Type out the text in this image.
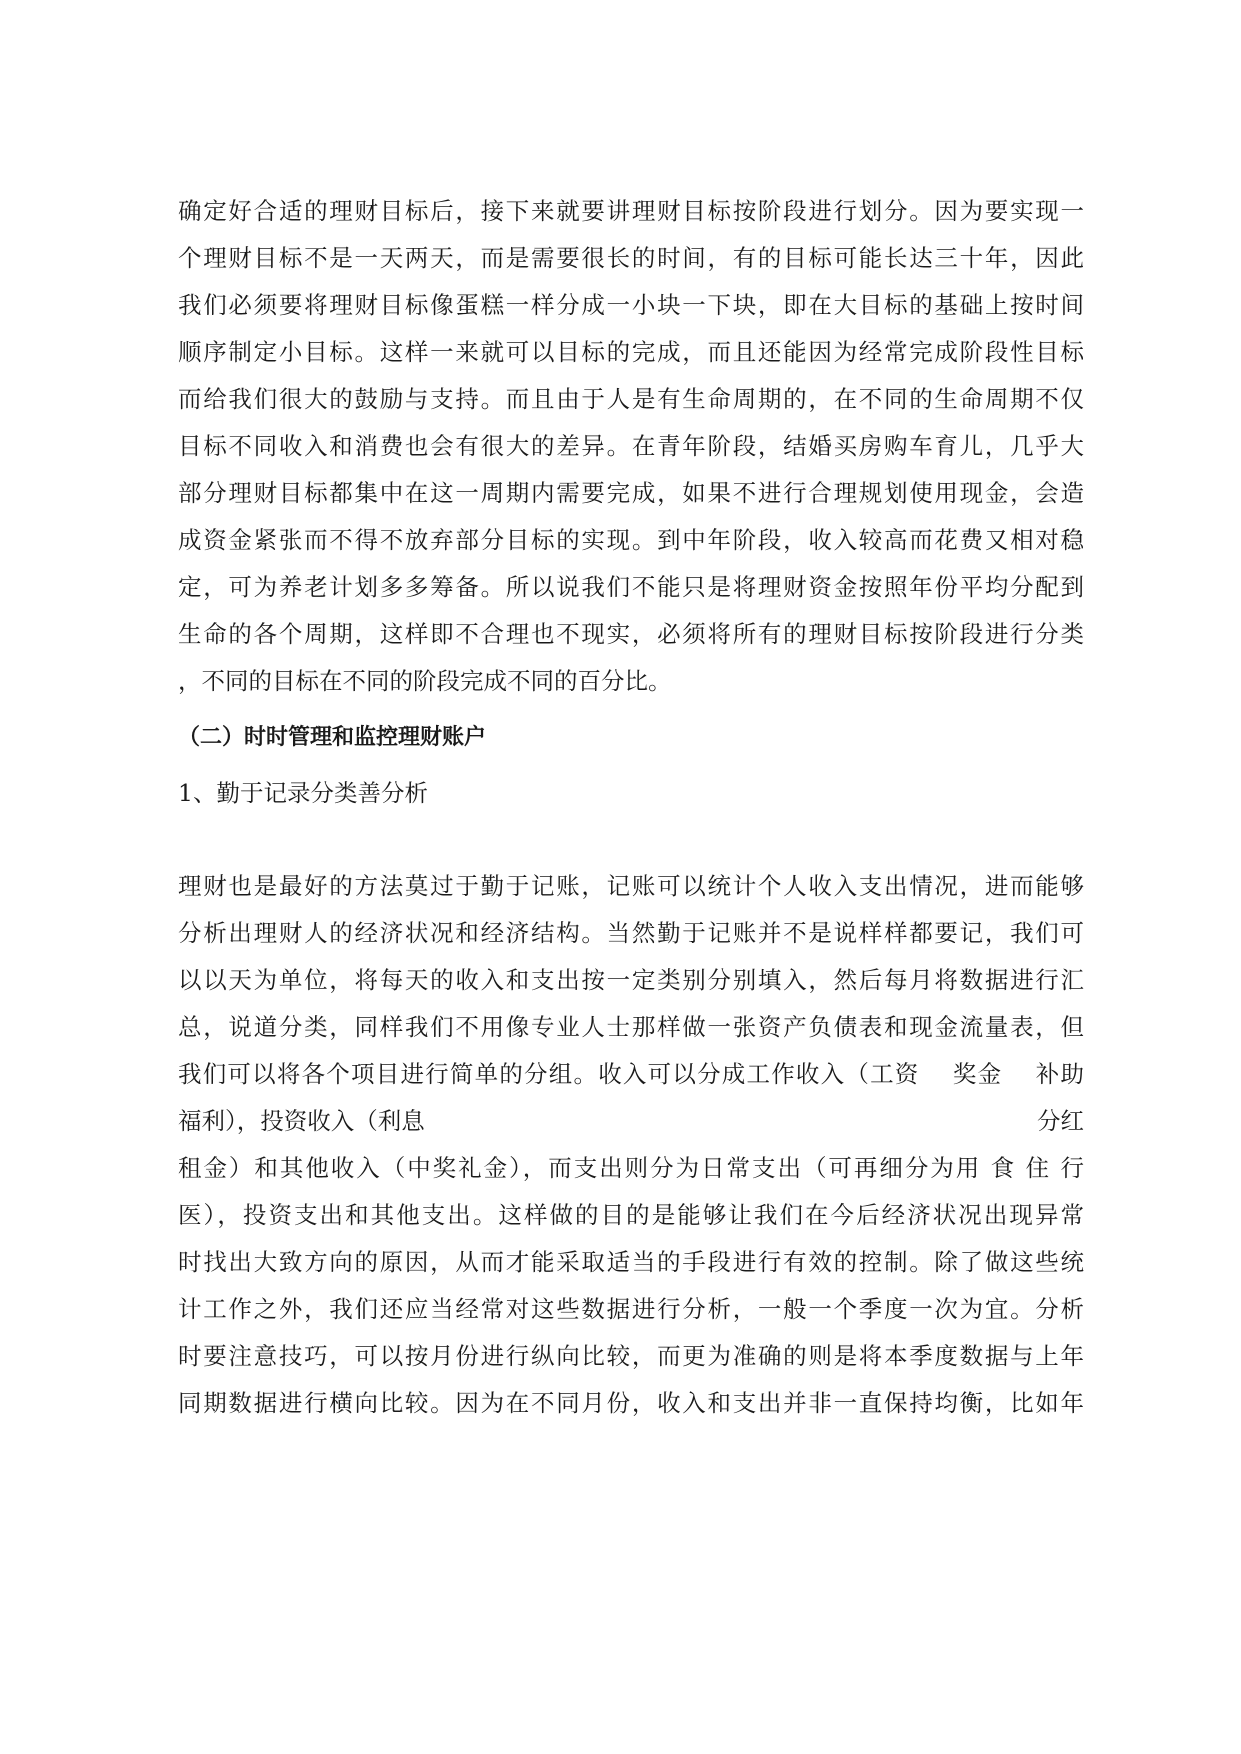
确定好合适的理财目标后，接下来就要讲理财目标按阶段进行划分。因为要实现一
个理财目标不是一天两天，而是需要很长的时间，有的目标可能长达三十年，因此
我们必须要将理财目标像蛋糕一样分成一小块一下块，即在大目标的基础上按时间
顺序制定小目标。这样一来就可以目标的完成，而且还能因为经常完成阶段性目标
而给我们很大的鼓励与支持。而且由于人是有生命周期的，在不同的生命周期不仅
目标不同收入和消费也会有很大的差异。在青年阶段，结婚买房购车育儿，几乎大
部分理财目标都集中在这一周期内需要完成，如果不进行合理规划使用现金，会造
成资金紧张而不得不放弃部分目标的实现。到中年阶段，收入较高而花费又相对稳
定，可为养老计划多多筹备。所以说我们不能只是将理财资金按照年份平均分配到
生命的各个周期，这样即不合理也不现实，必须将所有的理财目标按阶段进行分类
，不同的目标在不同的阶段完成不同的百分比。
（二）时时管理和监控理财账户
1、勤于记录分类善分析
理财也是最好的方法莫过于勤于记账，记账可以统计个人收入支出情况，进而能够
分析出理财人的经济状况和经济结构。当然勤于记账并不是说样样都要记，我们可
以以天为单位，将每天的收入和支出按一定类别分别填入，然后每月将数据进行汇
总，说道分类，同样我们不用像专业人士那样做一张资产负债表和现金流量表，但
我们可以将各个项目进行简单的分组。收入可以分成工作收入（工资　 奖金　 补助
福利），投资收入（利息	分红
租金）和其他收入（中奖礼金），而支出则分为日常支出（可再细分为用 食 住 行
医），投资支出和其他支出。这样做的目的是能够让我们在今后经济状况出现异常
时找出大致方向的原因，从而才能采取适当的手段进行有效的控制。除了做这些统
计工作之外，我们还应当经常对这些数据进行分析，一般一个季度一次为宜。分析
时要注意技巧，可以按月份进行纵向比较，而更为准确的则是将本季度数据与上年
同期数据进行横向比较。因为在不同月份，收入和支出并非一直保持均衡，比如年
